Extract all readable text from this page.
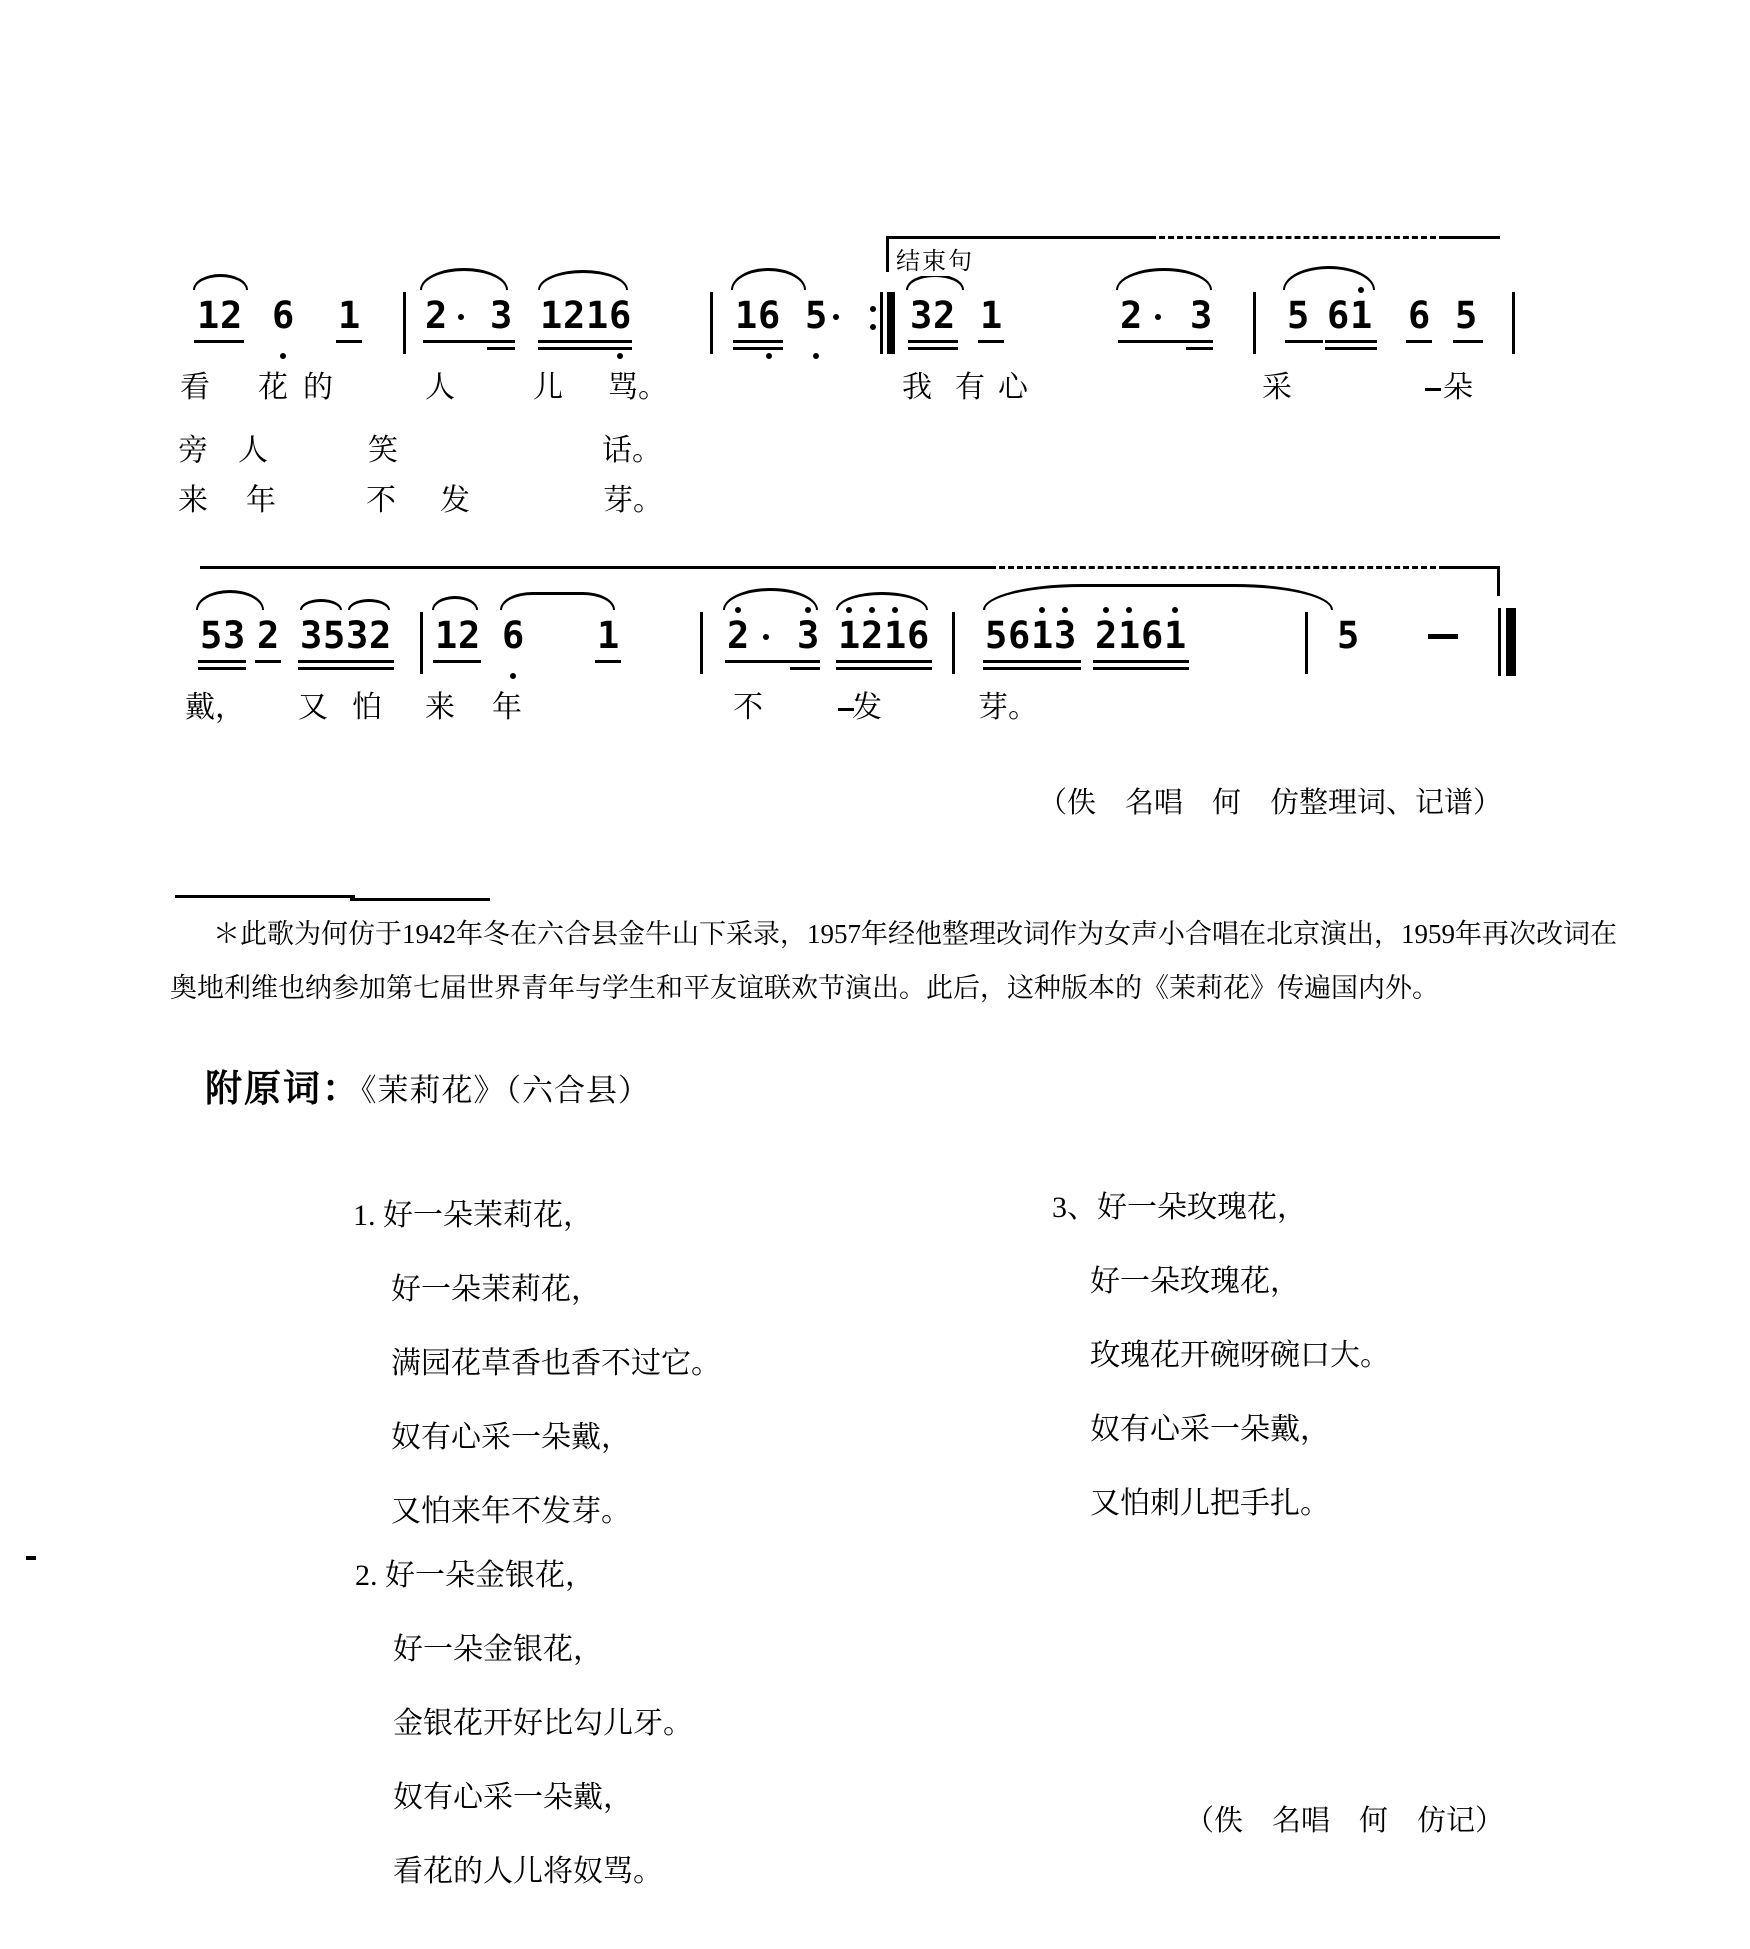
1 2 6 1 2 3 1 2 1 6	1 6 5 3 2 1	2 3 5 6 1 6 5
结束句
看 花 的	人	儿 骂。	我 有 心	采	朵
旁 人	笑	话。
来 年	不 发	芽。
5 3 2 3 5 3 2 1 2 6 1	2 3 1 2 1 6 5 6 1 3 2 1 6 1	5
戴， 又 怕 来 年	不	发	芽。
（佚　名唱　何　仿整理词、记谱）
＊此歌为何仿于1942年冬在六合县金牛山下采录，1957年经他整理改词作为女声小合唱在北京演出，1959年再次改词在
奥地利维也纳参加第七届世界青年与学生和平友谊联欢节演出。此后，这种版本的《茉莉花》传遍国内外。
附原词：《茉莉花》（六合县）

1. 好一朵茉莉花，

好一朵茉莉花，

满园花草香也香不过它。

奴有心采一朵戴，

又怕来年不发芽。

3、好一朵玫瑰花，

好一朵玫瑰花，

玫瑰花开碗呀碗口大。

奴有心采一朵戴，

又怕刺儿把手扎。

2. 好一朵金银花，

好一朵金银花，

金银花开好比勾儿牙。

奴有心采一朵戴，

看花的人儿将奴骂。

（佚　名唱　何　仿记）
